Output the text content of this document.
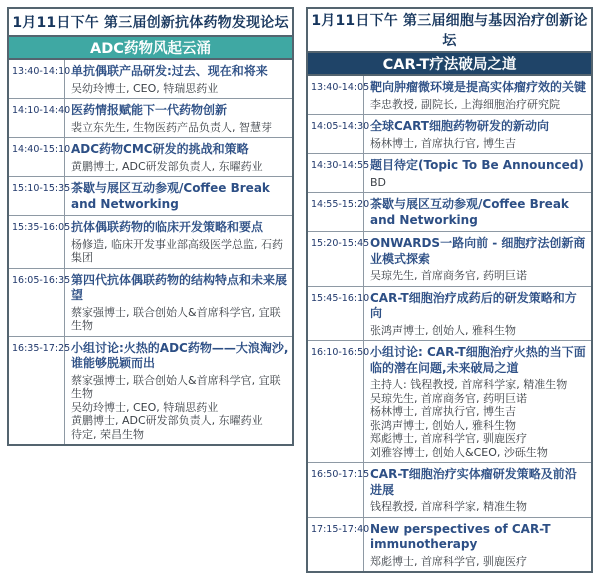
1月11日下午 第三届创新抗体药物发现论坛
ADC药物风起云涌
13:40-14:10 单抗偶联产品研发:过去、现在和将来
吴幼玲博士, CEO, 特瑞思药业
14:10-14:40 医药情报赋能下一代药物创新
裴立东先生, 生物医药产品负责人, 智慧芽
14:40-15:10 ADC药物CMC研发的挑战和策略
黄鹏博士, ADC研发部负责人, 东曜药业
15:10-15:35 茶歇与展区互动参观/Coffee Break and Networking
15:35-16:05 抗体偶联药物的临床开发策略和要点
杨修造, 临床开发事业部高级医学总监, 石药集团
16:05-16:35 第四代抗体偶联药物的结构特点和未来展望
蔡家强博士, 联合创始人&首席科学官, 宜联生物
16:35-17:25 小组讨论:火热的ADC药物——大浪淘沙,谁能够脱颖而出
蔡家强博士, 联合创始人&首席科学官, 宜联生物
吴幼玲博士, CEO, 特瑞思药业
黄鹏博士, ADC研发部负责人, 东曜药业
待定, 荣昌生物
1月11日下午 第三届细胞与基因治疗创新论坛
CAR-T疗法破局之道
13:40-14:05 靶向肿瘤微环境是提高实体瘤疗效的关键
李忠教授, 副院长, 上海细胞治疗研究院
14:05-14:30 全球CART细胞药物研发的新动向
杨林博士, 首席执行官, 博生吉
14:30-14:55 题目待定(Topic To Be Announced)
BD
14:55-15:20 茶歇与展区互动参观/Coffee Break and Networking
15:20-15:45 ONWARDS一路向前 - 细胞疗法创新商业模式探索
吴琼先生, 首席商务官, 药明巨诺
15:45-16:10 CAR-T细胞治疗成药后的研发策略和方向
张鸿声博士, 创始人, 雅科生物
16:10-16:50 小组讨论: CAR-T细胞治疗火热的当下面临的潜在问题,未来破局之道
主持人: 钱程教授, 首席科学家, 精准生物
吴琼先生, 首席商务官, 药明巨诺
杨林博士, 首席执行官, 博生吉
张鸿声博士, 创始人, 雅科生物
郑彪博士, 首席科学官, 驯鹿医疗
刘雅容博士, 创始人&CEO, 沙砾生物
16:50-17:15 CAR-T细胞治疗实体瘤研发策略及前沿进展
钱程教授, 首席科学家, 精准生物
17:15-17:40 New perspectives of CAR-T immunotherapy
郑彪博士, 首席科学官, 驯鹿医疗
